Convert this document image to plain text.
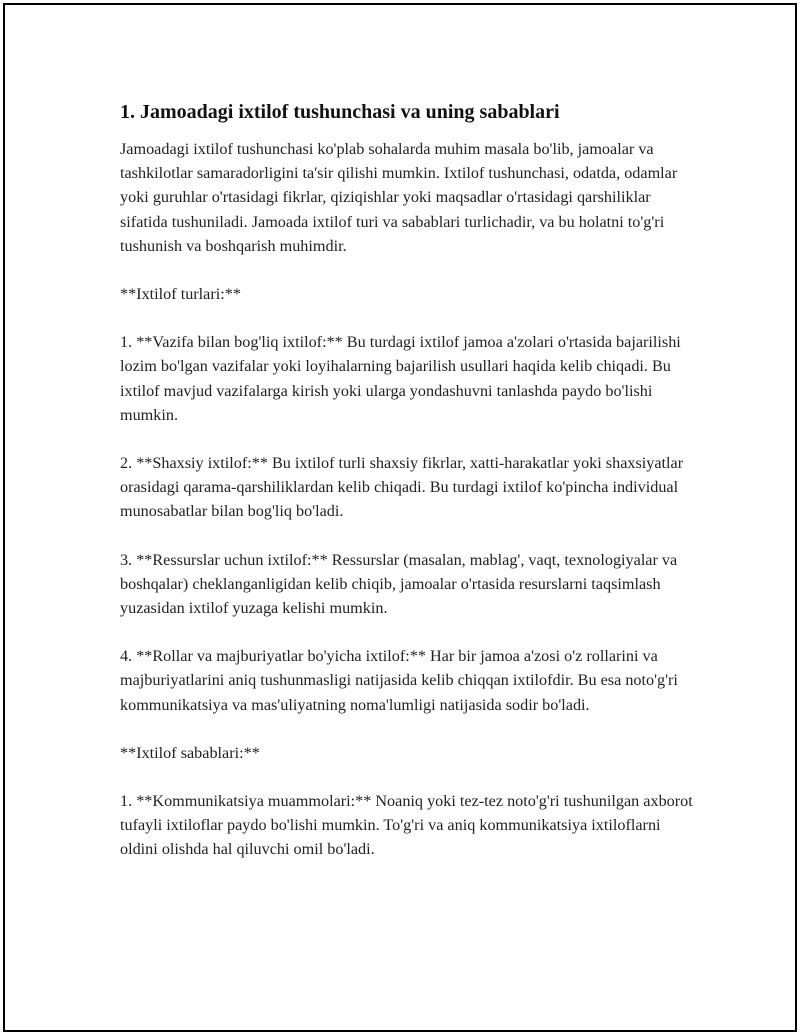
1. Jamoadagi ixtilof tushunchasi va uning sabablari

Jamoadagi ixtilof tushunchasi ko'plab sohalarda muhim masala bo'lib, jamoalar va tashkilotlar samaradorligini ta'sir qilishi mumkin. Ixtilof tushunchasi, odatda, odamlar yoki guruhlar o'rtasidagi fikrlar, qiziqishlar yoki maqsadlar o'rtasidagi qarshiliklar sifatida tushuniladi. Jamoada ixtilof turi va sabablari turlichadir, va bu holatni to'g'ri tushunish va boshqarish muhimdir.

**Ixtilof turlari:**

1. **Vazifa bilan bog'liq ixtilof:** Bu turdagi ixtilof jamoa a'zolari o'rtasida bajarilishi lozim bo'lgan vazifalar yoki loyihalarning bajarilish usullari haqida kelib chiqadi. Bu ixtilof mavjud vazifalarga kirish yoki ularga yondashuvni tanlashda paydo bo'lishi mumkin.

2. **Shaxsiy ixtilof:** Bu ixtilof turli shaxsiy fikrlar, xatti-harakatlar yoki shaxsiyatlar orasidagi qarama-qarshiliklardan kelib chiqadi. Bu turdagi ixtilof ko'pincha individual munosabatlar bilan bog'liq bo'ladi.

3. **Ressurslar uchun ixtilof:** Ressurslar (masalan, mablag', vaqt, texnologiyalar va boshqalar) cheklanganligidan kelib chiqib, jamoalar o'rtasida resurslarni taqsimlash yuzasidan ixtilof yuzaga kelishi mumkin.

4. **Rollar va majburiyatlar bo'yicha ixtilof:** Har bir jamoa a'zosi o'z rollarini va majburiyatlarini aniq tushunmasligi natijasida kelib chiqqan ixtilofdir. Bu esa noto'g'ri kommunikatsiya va mas'uliyatning noma'lumligi natijasida sodir bo'ladi.

**Ixtilof sabablari:**

1. **Kommunikatsiya muammolari:** Noaniq yoki tez-tez noto'g'ri tushunilgan axborot tufayli ixtiloflar paydo bo'lishi mumkin. To'g'ri va aniq kommunikatsiya ixtiloflarni oldini olishda hal qiluvchi omil bo'ladi.
